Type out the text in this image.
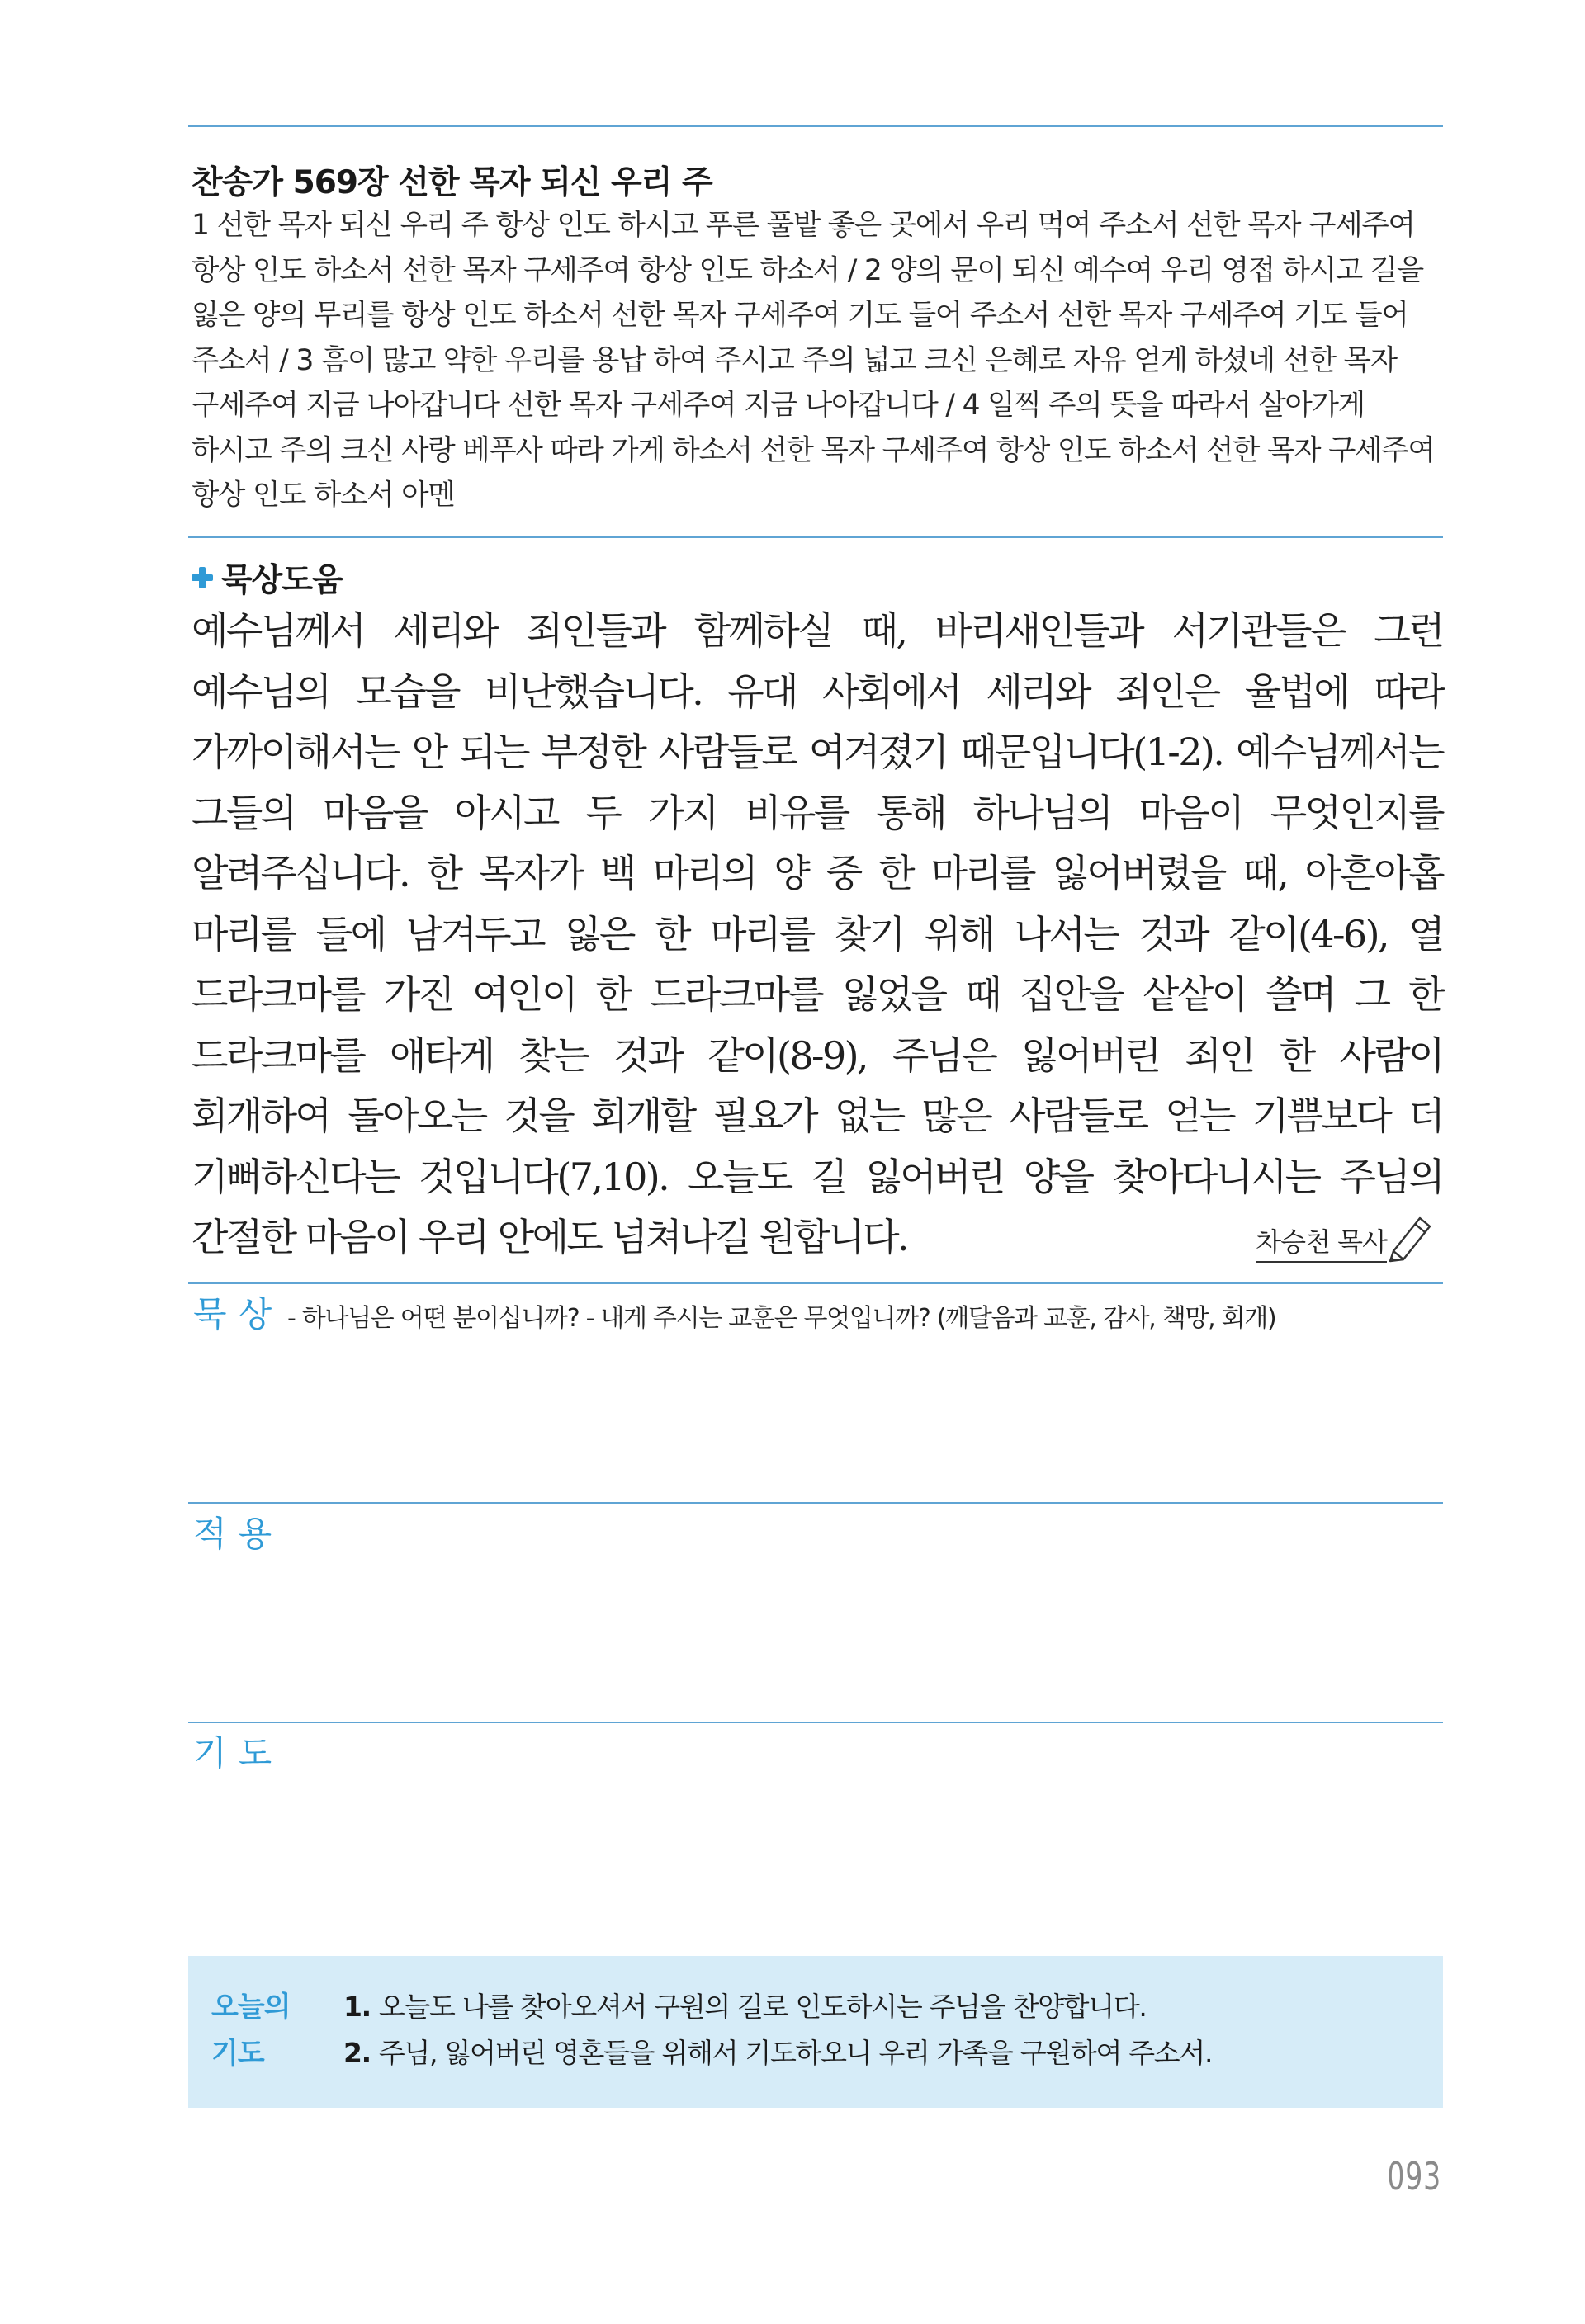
찬송가 569장 선한 목자 되신 우리 주
1 선한 목자 되신 우리 주 항상 인도 하시고 푸른 풀밭 좋은 곳에서 우리 먹여 주소서 선한 목자 구세주여 항상 인도 하소서 선한 목자 구세주여 항상 인도 하소서 / 2 양의 문이 되신 예수여 우리 영접 하시고 길을 잃은 양의 무리를 항상 인도 하소서 선한 목자 구세주여 기도 들어 주소서 선한 목자 구세주여 기도 들어 주소서 / 3 흠이 많고 약한 우리를 용납 하여 주시고 주의 넓고 크신 은혜로 자유 얻게 하셨네 선한 목자 구세주여 지금 나아갑니다 선한 목자 구세주여 지금 나아갑니다 / 4 일찍 주의 뜻을 따라서 살아가게 하시고 주의 크신 사랑 베푸사 따라 가게 하소서 선한 목자 구세주여 항상 인도 하소서 선한 목자 구세주여 항상 인도 하소서 아멘
묵상도움
예수님께서 세리와 죄인들과 함께하실 때, 바리새인들과 서기관들은 그런 예수님의 모습을 비난했습니다. 유대 사회에서 세리와 죄인은 율법에 따라 가까이해서는 안 되는 부정한 사람들로 여겨졌기 때문입니다(1-2). 예수님께서는 그들의 마음을 아시고 두 가지 비유를 통해 하나님의 마음이 무엇인지를 알려주십니다. 한 목자가 백 마리의 양 중 한 마리를 잃어버렸을 때, 아흔아홉 마리를 들에 남겨두고 잃은 한 마리를 찾기 위해 나서는 것과 같이(4-6), 열 드라크마를 가진 여인이 한 드라크마를 잃었을 때 집안을 샅샅이 쓸며 그 한 드라크마를 애타게 찾는 것과 같이(8-9), 주님은 잃어버린 죄인 한 사람이 회개하여 돌아오는 것을 회개할 필요가 없는 많은 사람들로 얻는 기쁨보다 더 기뻐하신다는 것입니다(7,10). 오늘도 길 잃어버린 양을 찾아다니시는 주님의 간절한 마음이 우리 안에도 넘쳐나길 원합니다.	차승천 목사
묵상 - 하나님은 어떤 분이십니까? - 내게 주시는 교훈은 무엇입니까? (깨달음과 교훈, 감사, 책망, 회개)
적용
기도
오늘의
기도
1. 오늘도 나를 찾아오셔서 구원의 길로 인도하시는 주님을 찬양합니다.
2. 주님, 잃어버린 영혼들을 위해서 기도하오니 우리 가족을 구원하여 주소서.
093
